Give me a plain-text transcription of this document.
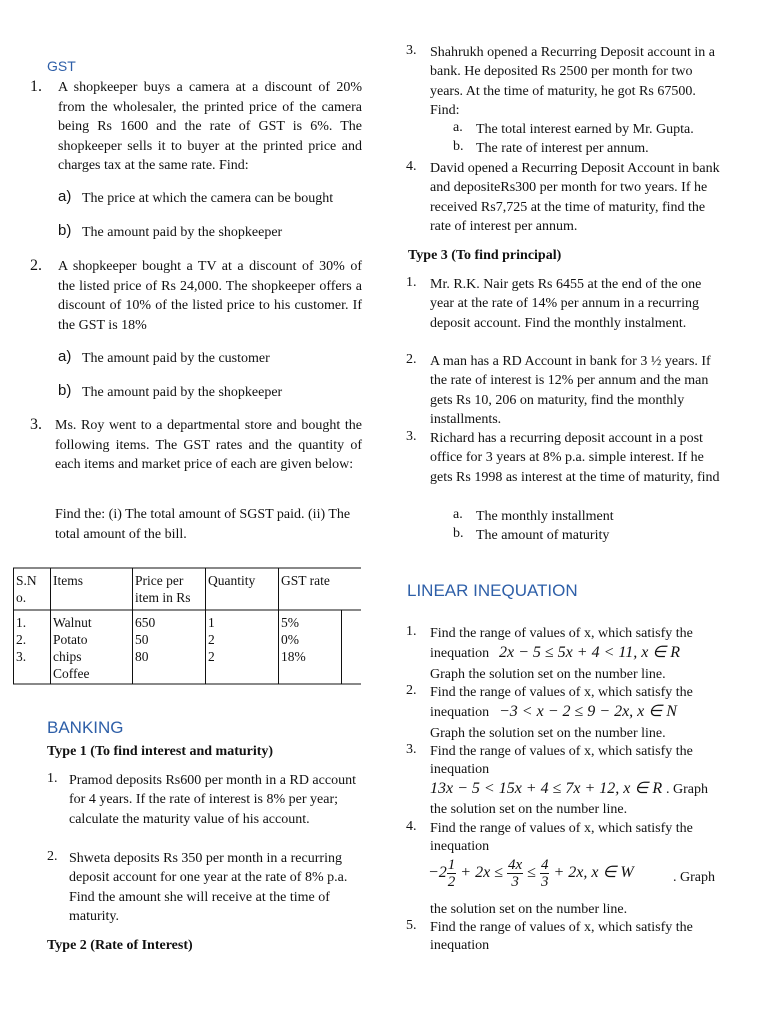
GST
1. A shopkeeper buys a camera at a discount of 20% from the wholesaler, the printed price of the camera being Rs 1600 and the rate of GST is 6%. The shopkeeper sells it to buyer at the printed price and charges tax at the same rate. Find:
a) The price at which the camera can be bought
b) The amount paid by the shopkeeper
2. A shopkeeper bought a TV at a discount of 30% of the listed price of Rs 24,000. The shopkeeper offers a discount of 10% of the listed price to his customer. If the GST is 18%
a) The amount paid by the customer
b) The amount paid by the shopkeeper
3. Ms. Roy went to a departmental store and bought the following items. The GST rates and the quantity of each items and market price of each are given below:
Find the: (i) The total amount of SGST paid. (ii) The total amount of the bill.
S.N o.
Items	Price per item in Rs
Quantity GST rate
1.
2.
3.
Walnut
Potato
chips
Coffee
650
50
80
1
2
2
5%
0%
18%
BANKING
Type 1 (To find interest and maturity)
1. Pramod deposits Rs600 per month in a RD account for 4 years. If the rate of interest is 8% per year; calculate the maturity value of his account.
2. Shweta deposits Rs 350 per month in a recurring deposit account for one year at the rate of 8% p.a. Find the amount she will receive at the time of maturity.
Type 2 (Rate of Interest)
3. Shahrukh opened a Recurring Deposit account in a bank. He deposited Rs 2500 per month for two years. At the time of maturity, he got Rs 67500. Find:
a. The total interest earned by Mr. Gupta.
b. The rate of interest per annum.
4. David opened a Recurring Deposit Account in bank and depositeRs300 per month for two years. If he received Rs7,725 at the time of maturity, find the rate of interest per annum.
Type 3 (To find principal)
1. Mr. R.K. Nair gets Rs 6455 at the end of the one year at the rate of 14% per annum in a recurring deposit account. Find the monthly instalment.
2. A man has a RD Account in bank for 3 ½ years. If the rate of interest is 12% per annum and the man gets Rs 10, 206 on maturity, find the monthly installments.
3. Richard has a recurring deposit account in a post office for 3 years at 8% p.a. simple interest. If he gets Rs 1998 as interest at the time of maturity, find
a. The monthly installment
b. The amount of maturity
LINEAR INEQUATION
1. Find the range of values of x, which satisfy the
inequation 2x − 5 ≤ 5x + 4 < 11, x ∈ R
Graph the solution set on the number line.
2. Find the range of values of x, which satisfy the
inequation −3 < x − 2 ≤ 9 − 2x, x ∈ N
Graph the solution set on the number line.
3. Find the range of values of x, which satisfy the
inequation
13x − 5 < 15x + 4 ≤ 7x + 12, x ∈ R . Graph
the solution set on the number line.
4. Find the range of values of x, which satisfy the
inequation
$-2 \frac{1}{2} + 2x \le \frac{4x}{3} \le \frac{4}{3} + 2x$, x ∈ W	. Graph
the solution set on the number line.
5. Find the range of values of x, which satisfy the
inequation
